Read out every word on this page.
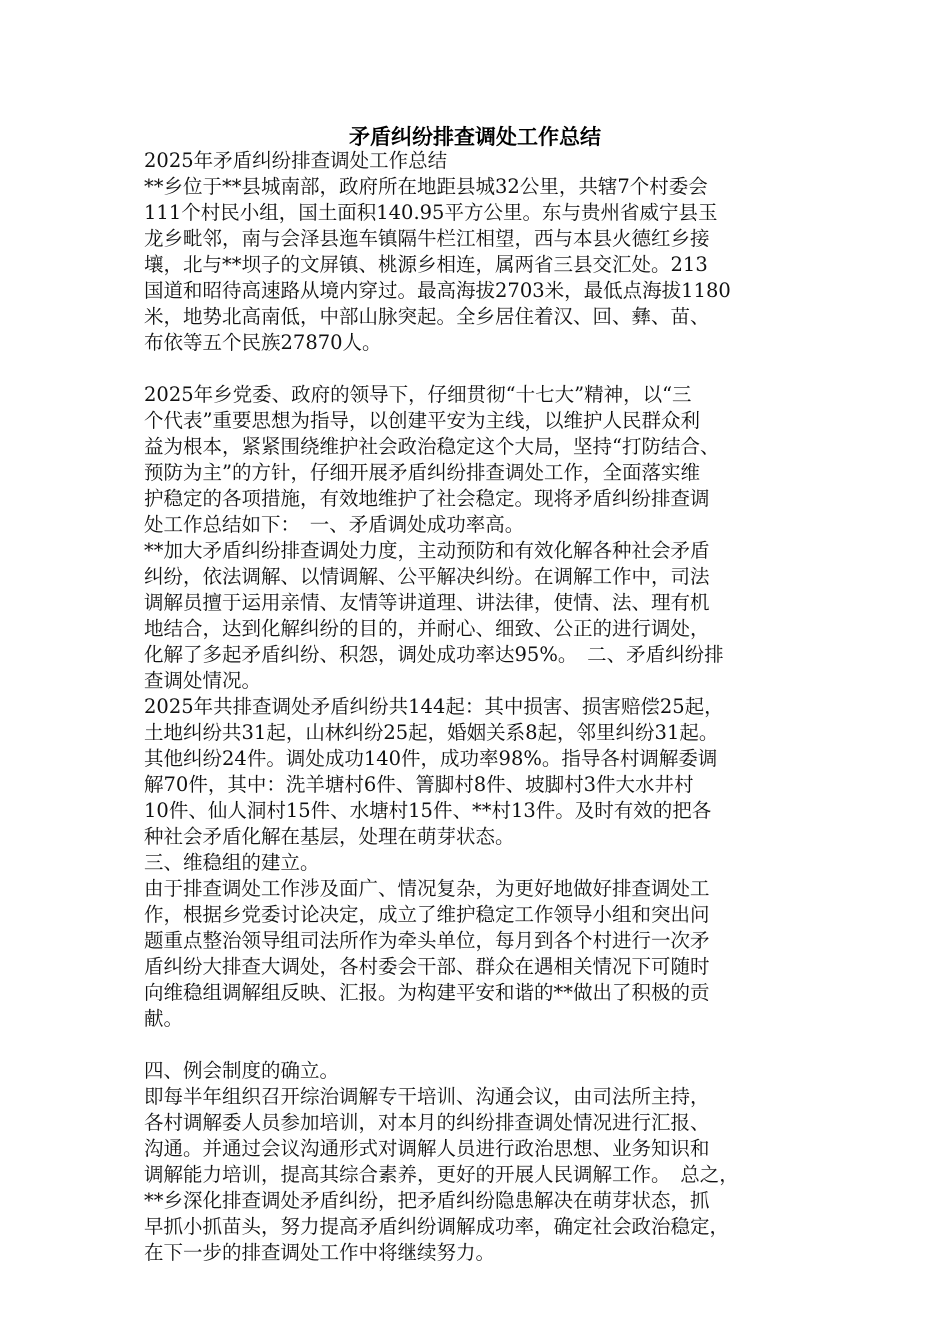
矛盾纠纷排查调处工作总结
2025年矛盾纠纷排查调处工作总结
**乡位于**县城南部，政府所在地距县城32公里，共辖7个村委会
111个村民小组，国土面积140.95平方公里。东与贵州省威宁县玉
龙乡毗邻，南与会泽县迤车镇隔牛栏江相望，西与本县火德红乡接
壤，北与**坝子的文屏镇、桃源乡相连，属两省三县交汇处。213
国道和昭待高速路从境内穿过。最高海拔2703米，最低点海拔1180
米，地势北高南低，中部山脉突起。全乡居住着汉、回、彝、苗、
布依等五个民族27870人。
2025年乡党委、政府的领导下，仔细贯彻“十七大”精神，以“三
个代表”重要思想为指导，以创建平安为主线，以维护人民群众利
益为根本，紧紧围绕维护社会政治稳定这个大局，坚持“打防结合、
预防为主”的方针，仔细开展矛盾纠纷排查调处工作，全面落实维
护稳定的各项措施，有效地维护了社会稳定。现将矛盾纠纷排查调
处工作总结如下：　一、矛盾调处成功率高。
**加大矛盾纠纷排查调处力度，主动预防和有效化解各种社会矛盾
纠纷，依法调解、以情调解、公平解决纠纷。在调解工作中，司法
调解员擅于运用亲情、友情等讲道理、讲法律，使情、法、理有机
地结合，达到化解纠纷的目的，并耐心、细致、公正的进行调处，
化解了多起矛盾纠纷、积怨，调处成功率达95%。　二、矛盾纠纷排
查调处情况。
2025年共排查调处矛盾纠纷共144起：其中损害、损害赔偿25起，
土地纠纷共31起，山林纠纷25起，婚姻关系8起，邻里纠纷31起。
其他纠纷24件。调处成功140件，成功率98%。指导各村调解委调
解70件，其中：洗羊塘村6件、箐脚村8件、坡脚村3件大水井村
10件、仙人洞村15件、水塘村15件、**村13件。及时有效的把各
种社会矛盾化解在基层，处理在萌芽状态。
三、维稳组的建立。
由于排查调处工作涉及面广、情况复杂，为更好地做好排查调处工
作，根据乡党委讨论决定，成立了维护稳定工作领导小组和突出问
题重点整治领导组司法所作为牵头单位，每月到各个村进行一次矛
盾纠纷大排查大调处，各村委会干部、群众在遇相关情况下可随时
向维稳组调解组反映、汇报。为构建平安和谐的**做出了积极的贡
献。
四、例会制度的确立。
即每半年组织召开综治调解专干培训、沟通会议，由司法所主持，
各村调解委人员参加培训，对本月的纠纷排查调处情况进行汇报、
沟通。并通过会议沟通形式对调解人员进行政治思想、业务知识和
调解能力培训，提高其综合素养，更好的开展人民调解工作。　总之，
**乡深化排查调处矛盾纠纷，把矛盾纠纷隐患解决在萌芽状态，抓
早抓小抓苗头，努力提高矛盾纠纷调解成功率，确定社会政治稳定，
在下一步的排查调处工作中将继续努力。
